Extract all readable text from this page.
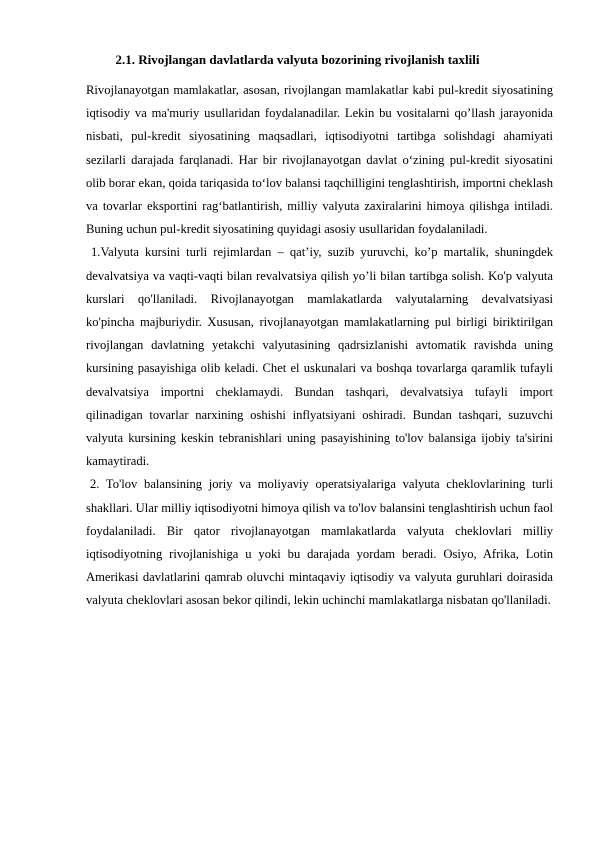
2.1. Rivojlangan davlatlarda valyuta bozorining rivojlanish taxlili

Rivojlanayotgan mamlakatlar, asosan, rivojlangan mamlakatlar kabi pul-kredit siyosatining iqtisodiy va ma'muriy usullaridan foydalanadilar. Lekin bu vositalarni qo’llash jarayonida nisbati, pul-kredit siyosatining maqsadlari, iqtisodiyotni tartibga solishdagi ahamiyati sezilarli darajada farqlanadi. Har bir rivojlanayotgan davlat o‘zining pul-kredit siyosatini olib borar ekan, qoida tariqasida to‘lov balansi taqchilligini tenglashtirish, importni cheklash va tovarlar eksportini rag‘batlantirish, milliy valyuta zaxiralarini himoya qilishga intiladi. Buning uchun pul-kredit siyosatining quyidagi asosiy usullaridan foydalaniladi.

1.Valyuta kursini turli rejimlardan – qat’iy, suzib yuruvchi, ko’p martalik, shuningdek devalvatsiya va vaqti-vaqti bilan revalvatsiya qilish yo’li bilan tartibga solish. Ko'p valyuta kurslari qo'llaniladi. Rivojlanayotgan mamlakatlarda valyutalarning devalvatsiyasi ko'pincha majburiydir. Xususan, rivojlanayotgan mamlakatlarning pul birligi biriktirilgan rivojlangan davlatning yetakchi valyutasining qadrsizlanishi avtomatik ravishda uning kursining pasayishiga olib keladi. Chet el uskunalari va boshqa tovarlarga qaramlik tufayli devalvatsiya importni cheklamaydi. Bundan tashqari, devalvatsiya tufayli import qilinadigan tovarlar narxining oshishi inflyatsiyani oshiradi. Bundan tashqari, suzuvchi valyuta kursining keskin tebranishlari uning pasayishining to'lov balansiga ijobiy ta'sirini kamaytiradi.

2. To'lov balansining joriy va moliyaviy operatsiyalariga valyuta cheklovlarining turli shakllari. Ular milliy iqtisodiyotni himoya qilish va to'lov balansini tenglashtirish uchun faol foydalaniladi. Bir qator rivojlanayotgan mamlakatlarda valyuta cheklovlari milliy iqtisodiyotning rivojlanishiga u yoki bu darajada yordam beradi. Osiyo, Afrika, Lotin Amerikasi davlatlarini qamrab oluvchi mintaqaviy iqtisodiy va valyuta guruhlari doirasida valyuta cheklovlari asosan bekor qilindi, lekin uchinchi mamlakatlarga nisbatan qo'llaniladi.
